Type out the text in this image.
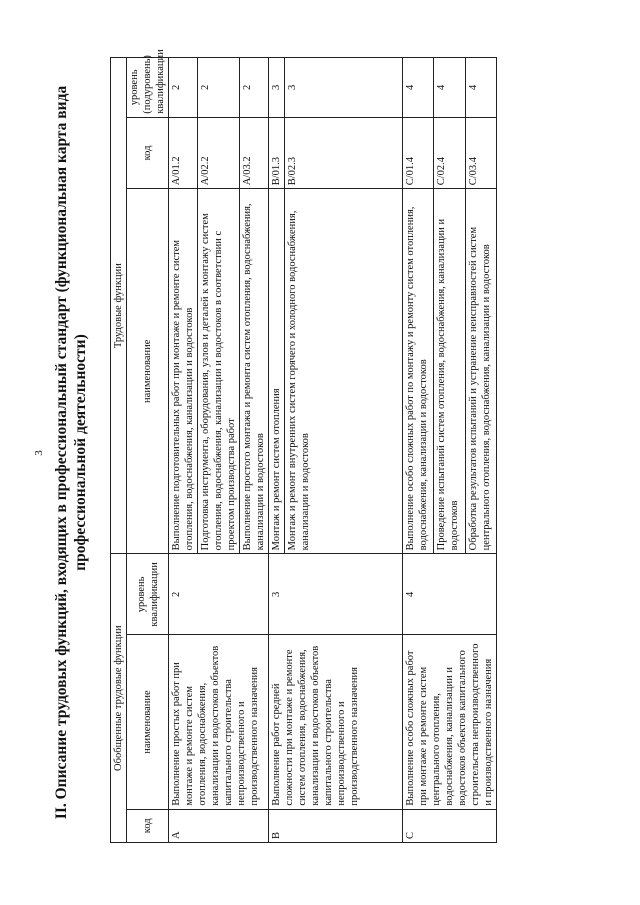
3 II. Описание трудовых функций, входящих в профессиональный стандарт (функциональная карта вида профессиональной деятельности)
Обобщенные трудовые функции			Трудовые функции		
код	наименование	уровень квалификации	наименование	код	уровень (подуровень) квалификации
A	Выполнение простых работ при монтаже и ремонте систем отопления, водоснабжения, канализации и водостоков объектов капитального строительства непроизводственного и производственного назначения	2	Выполнение подготовительных работ при монтаже и ремонте систем отопления, водоснабжения, канализации и водостоков	A/01.2	2
			Подготовка инструмента, оборудования, узлов и деталей к монтажу систем отопления, водоснабжения, канализации и водостоков в соответствии с проектом производства работ	A/02.2	2
			Выполнение простого монтажа и ремонта систем отопления, водоснабжения, канализации и водостоков	A/03.2	2
B	Выполнение работ средней сложности при монтаже и ремонте систем отопления, водоснабжения, канализации и водостоков объектов капитального строительства непроизводственного и производственного назначения	3	Монтаж и ремонт систем отопления	B/01.3	3
			Монтаж и ремонт внутренних систем горячего и холодного водоснабжения, канализации и водостоков	B/02.3	3
C	Выполнение особо сложных работ при монтаже и ремонте систем центрального отопления, водоснабжения, канализации и водостоков объектов капитального строительства непроизводственного и производственного назначения	4	Выполнение особо сложных работ по монтажу и ремонту систем отопления, водоснабжения, канализации и водостоков	C/01.4	4
			Проведение испытаний систем отопления, водоснабжения, канализации и водостоков	C/02.4	4
			Обработка результатов испытаний и устранение неисправностей систем центрального отопления, водоснабжения, канализации и водостоков	C/03.4	4
